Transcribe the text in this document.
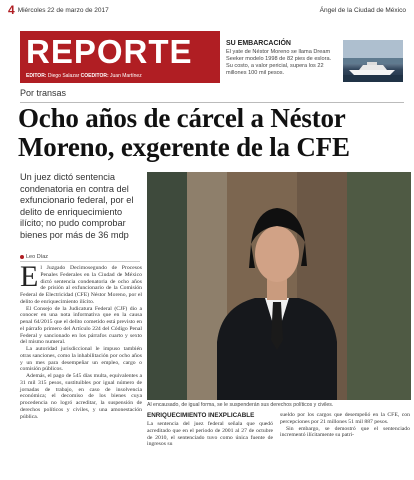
4 Miércoles 22 de marzo de 2017	Ángel de la Ciudad de México
REPORTE
EDITOR: Diego Salazar COEDITOR: Juan Martínez
SU EMBARCACIÓN
El yate de Néstor Moreno se llama Dream Seeker modelo 1998 de 82 pies de eslora. Su costo, a valor pericial, supera los 22 millones 100 mil pesos.
Por transas
Ocho años de cárcel a Néstor Moreno, exgerente de la CFE
Un juez dictó sentencia condenatoria en contra del exfuncionario federal, por el delito de enriquecimiento ilícito; no pudo comprobar bienes por más de 36 mdp
Leo Díaz

El Juzgado Decimosegundo de Procesos Penales Federales en la Ciudad de México dictó sentencia condenatoria de ocho años de prisión al exfuncionario de la Comisión Federal de Electricidad (CFE) Néstor Moreno, por el delito de enriquecimiento ilícito.

El Consejo de la Judicatura Federal (CJF) dio a conocer en una nota informativa que en la causa penal 64/2015 que el delito cometido está previsto en el párrafo primero del Artículo 224 del Código Penal Federal y sancionado en los párrafos cuarto y sexto del mismo numeral.

La autoridad jurisdiccional le impuso también otras sanciones, como la inhabilitación por ocho años y un mes para desempeñar un empleo, cargo o comisión públicos.

Además, el pago de 545 días multa, equivalentes a 31 mil 315 pesos, sustituibles por igual número de jornadas de trabajo, en caso de insolvencia económica; el decomiso de los bienes cuya procedencia no logró acreditar, la suspensión de derechos políticos y civiles, y una amonestación pública.

Al encausado, de igual forma, se le suspenderán sus derechos políticos y civiles.
ENRIQUECIMIENTO INEXPLICABLE
La sentencia del juez federal señala que quedó acreditado que en el periodo de 2001 al 27 de octubre de 2010, el sentenciado tuvo como única fuente de ingresos su

sueldo por los cargos que desempeñó en la CFE, con percepciones por 21 millones 51 mil 887 pesos.

Sin embargo, se demostró que el sentenciado incrementó ilícitamente su patri-
